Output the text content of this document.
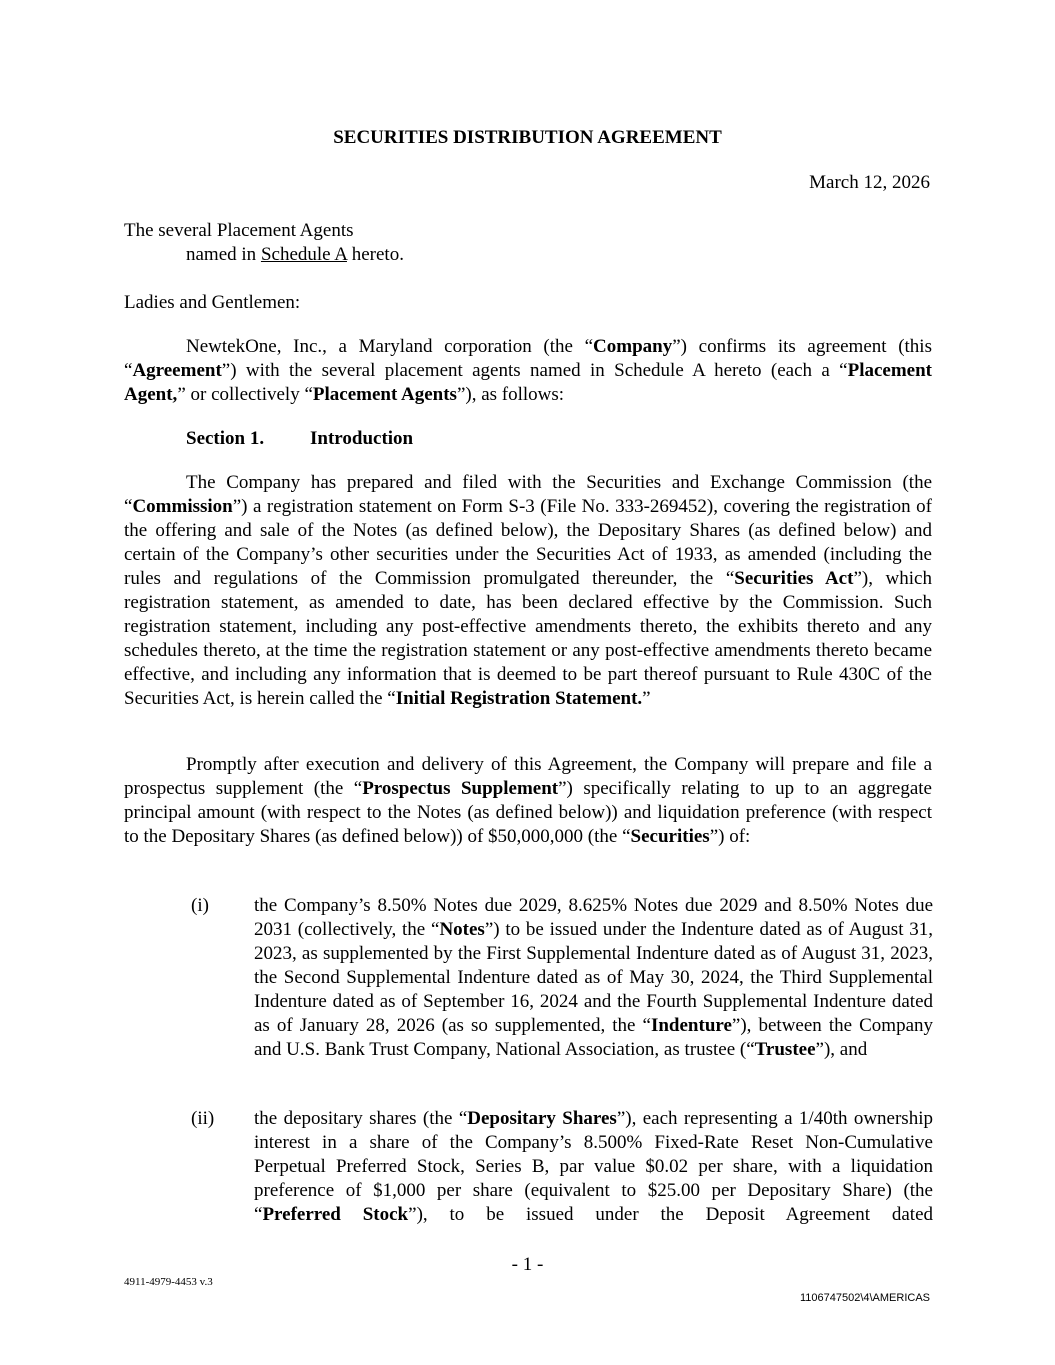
SECURITIES DISTRIBUTION AGREEMENT
March 12, 2026
The several Placement Agents
named in Schedule A hereto.
Ladies and Gentlemen:
NewtekOne, Inc., a Maryland corporation (the “Company”) confirms its agreement (this “Agreement”) with the several placement agents named in Schedule A hereto (each a “Placement Agent,” or collectively “Placement Agents”), as follows:
Section 1. Introduction
The Company has prepared and filed with the Securities and Exchange Commission (the “Commission”) a registration statement on Form S-3 (File No. 333-269452), covering the registration of the offering and sale of the Notes (as defined below), the Depositary Shares (as defined below) and certain of the Company’s other securities under the Securities Act of 1933, as amended (including the rules and regulations of the Commission promulgated thereunder, the “Securities Act”), which registration statement, as amended to date, has been declared effective by the Commission. Such registration statement, including any post-effective amendments thereto, the exhibits thereto and any schedules thereto, at the time the registration statement or any post-effective amendments thereto became effective, and including any information that is deemed to be part thereof pursuant to Rule 430C of the Securities Act, is herein called the “Initial Registration Statement.”
Promptly after execution and delivery of this Agreement, the Company will prepare and file a prospectus supplement (the “Prospectus Supplement”) specifically relating to up to an aggregate principal amount (with respect to the Notes (as defined below)) and liquidation preference (with respect to the Depositary Shares (as defined below)) of $50,000,000 (the “Securities”) of:
(i) the Company’s 8.50% Notes due 2029, 8.625% Notes due 2029 and 8.50% Notes due 2031 (collectively, the “Notes”) to be issued under the Indenture dated as of August 31, 2023, as supplemented by the First Supplemental Indenture dated as of August 31, 2023, the Second Supplemental Indenture dated as of May 30, 2024, the Third Supplemental Indenture dated as of September 16, 2024 and the Fourth Supplemental Indenture dated as of January 28, 2026 (as so supplemented, the “Indenture”), between the Company and U.S. Bank Trust Company, National Association, as trustee (“Trustee”), and
(ii) the depositary shares (the “Depositary Shares”), each representing a 1/40th ownership interest in a share of the Company’s 8.500% Fixed-Rate Reset Non-Cumulative Perpetual Preferred Stock, Series B, par value $0.02 per share, with a liquidation preference of $1,000 per share (equivalent to $25.00 per Depositary Share) (the “Preferred Stock”), to be issued under the Deposit Agreement dated
- 1 -
4911-4979-4453 v.3
1106747502\4\AMERICAS
